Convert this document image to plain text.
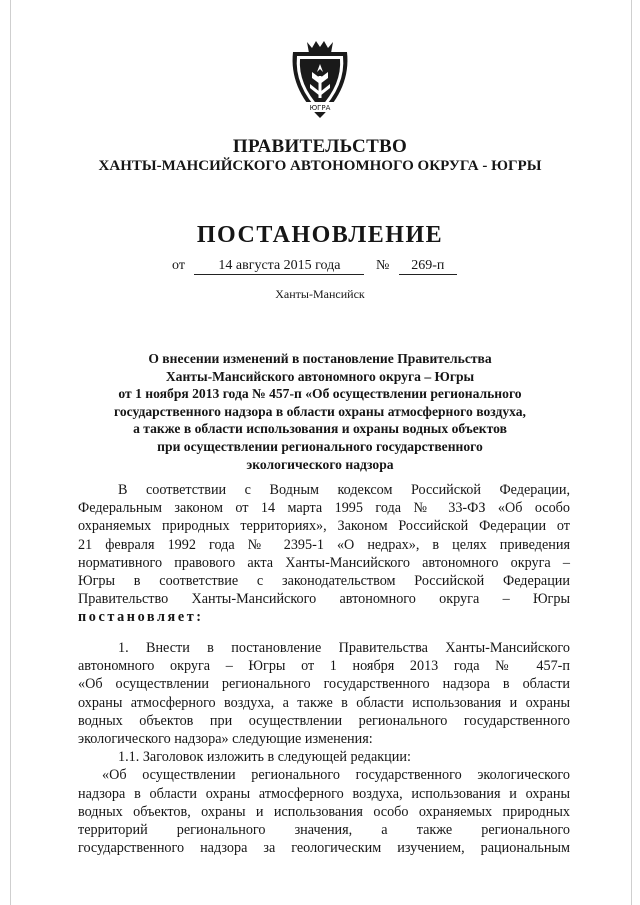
ЮГРА
ПРАВИТЕЛЬСТВО
ХАНТЫ-МАНСИЙСКОГО АВТОНОМНОГО ОКРУГА - ЮГРЫ
ПОСТАНОВЛЕНИЕ
от 14 августа 2015 года	№ 269-п
Ханты-Мансийск
О внесении изменений в постановление Правительства
Ханты-Мансийского автономного округа – Югры
от 1 ноября 2013 года № 457-п «Об осуществлении регионального
государственного надзора в области охраны атмосферного воздуха,
а также в области использования и охраны водных объектов
при осуществлении регионального государственного
экологического надзора
В соответствии с Водным кодексом Российской Федерации,
Федеральным законом от 14 марта 1995 года № 33-ФЗ «Об особо
охраняемых природных территориях», Законом Российской Федерации от
21 февраля 1992 года № 2395-1 «О недрах», в целях приведения
нормативного правового акта Ханты-Мансийского автономного округа –
Югры в соответствие с законодательством Российской Федерации
Правительство Ханты-Мансийского автономного округа – Югры
постановляет:
1. Внести в постановление Правительства Ханты-Мансийского
автономного округа – Югры от 1 ноября 2013 года № 457-п
«Об осуществлении регионального государственного надзора в области
охраны атмосферного воздуха, а также в области использования и охраны
водных объектов при осуществлении регионального государственного
экологического надзора» следующие изменения:
1.1. Заголовок изложить в следующей редакции:
«Об осуществлении регионального государственного экологического
надзора в области охраны атмосферного воздуха, использования и охраны
водных объектов, охраны и использования особо охраняемых природных
территорий регионального значения, а также регионального
государственного надзора за геологическим изучением, рациональным
